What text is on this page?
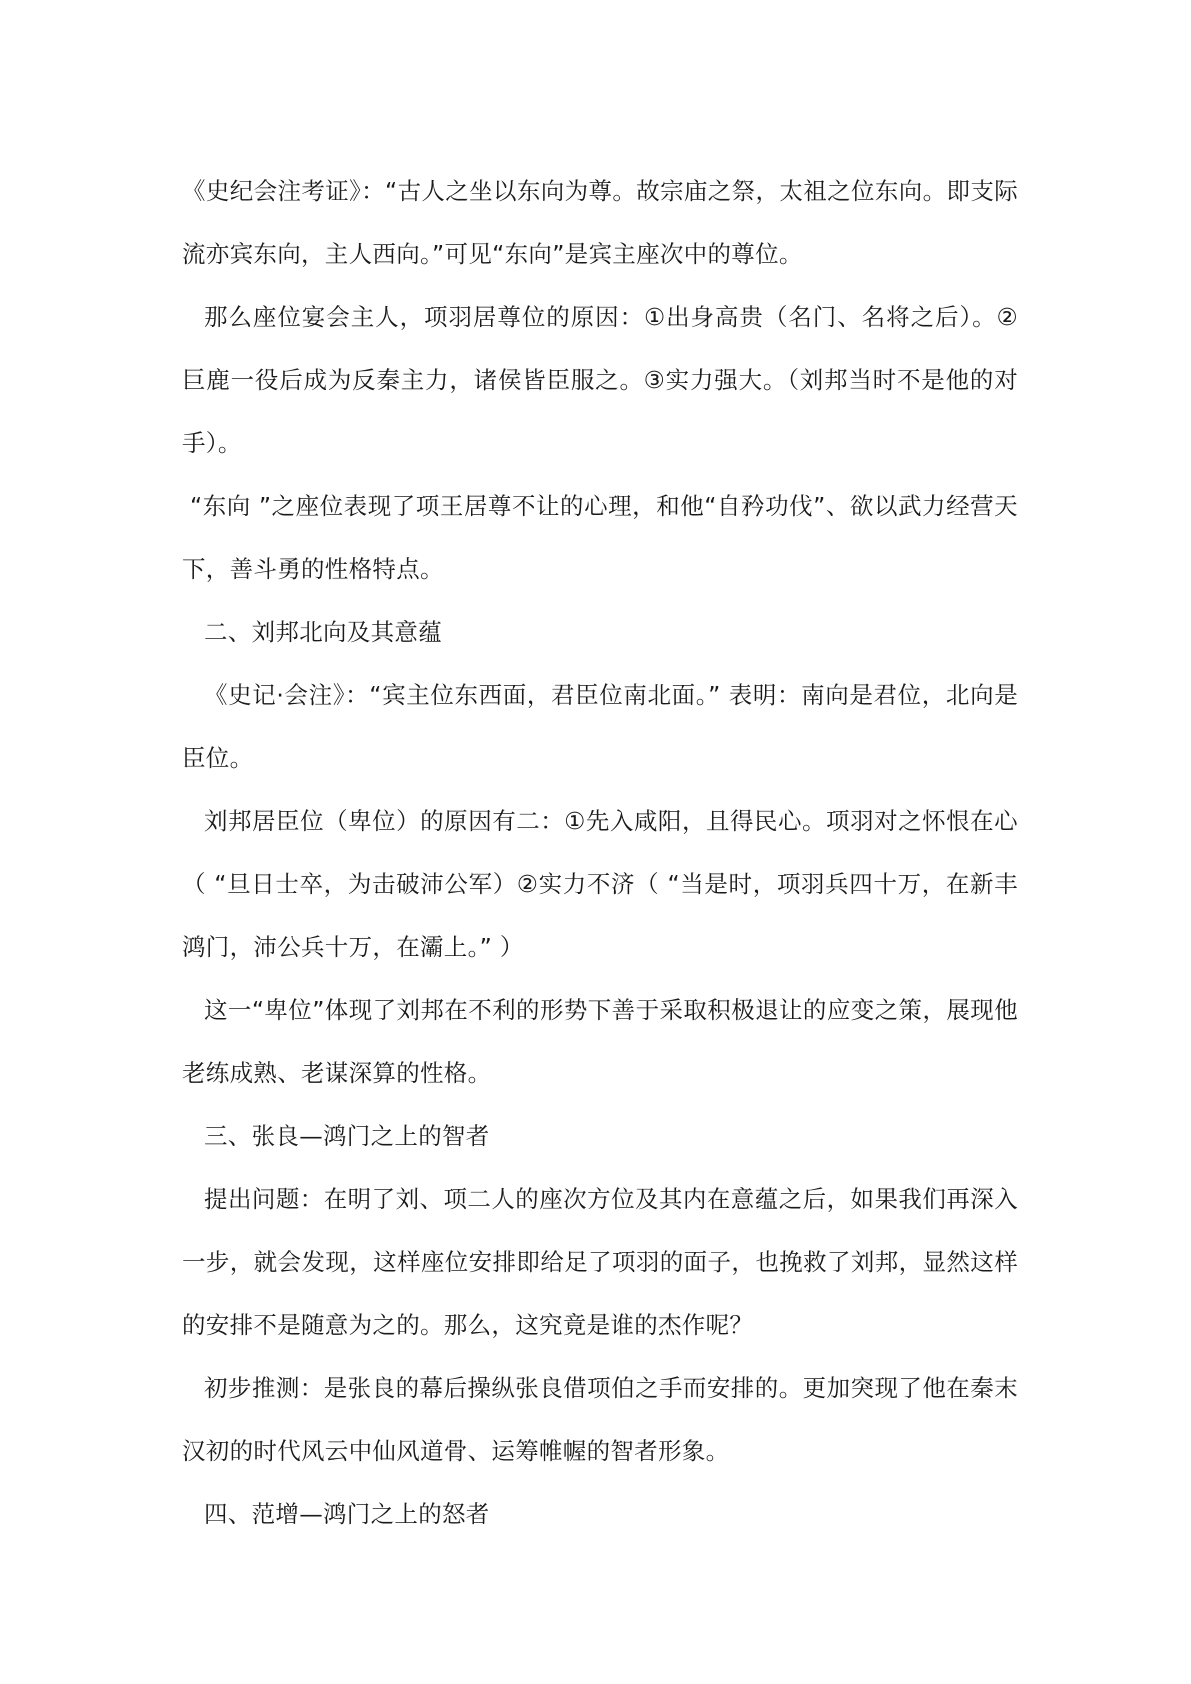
《史纪会注考证》：“古人之坐以东向为尊。故宗庙之祭，太祖之位东向。即支际流亦宾东向，主人西向。”可见“东向”是宾主座次中的尊位。

那么座位宴会主人，项羽居尊位的原因：①出身高贵（名门、名将之后）。②巨鹿一役后成为反秦主力，诸侯皆臣服之。③实力强大。（刘邦当时不是他的对手）。

“东向 ”之座位表现了项王居尊不让的心理，和他“自矜功伐”、欲以武力经营天下，善斗勇的性格特点。

二、刘邦北向及其意蕴

《史记·会注》：“宾主位东西面，君臣位南北面。” 表明：南向是君位，北向是臣位。

刘邦居臣位（卑位）的原因有二：①先入咸阳，且得民心。项羽对之怀恨在心（ “旦日士卒，为击破沛公军）②实力不济（ “当是时，项羽兵四十万，在新丰鸿门，沛公兵十万，在灞上。” ）

这一“卑位”体现了刘邦在不利的形势下善于采取积极退让的应变之策，展现他老练成熟、老谋深算的性格。

三、张良—鸿门之上的智者

提出问题：在明了刘、项二人的座次方位及其内在意蕴之后，如果我们再深入一步，就会发现，这样座位安排即给足了项羽的面子，也挽救了刘邦，显然这样的安排不是随意为之的。那么，这究竟是谁的杰作呢？

初步推测：是张良的幕后操纵张良借项伯之手而安排的。更加突现了他在秦末汉初的时代风云中仙风道骨、运筹帷幄的智者形象。

四、范增—鸿门之上的怒者
